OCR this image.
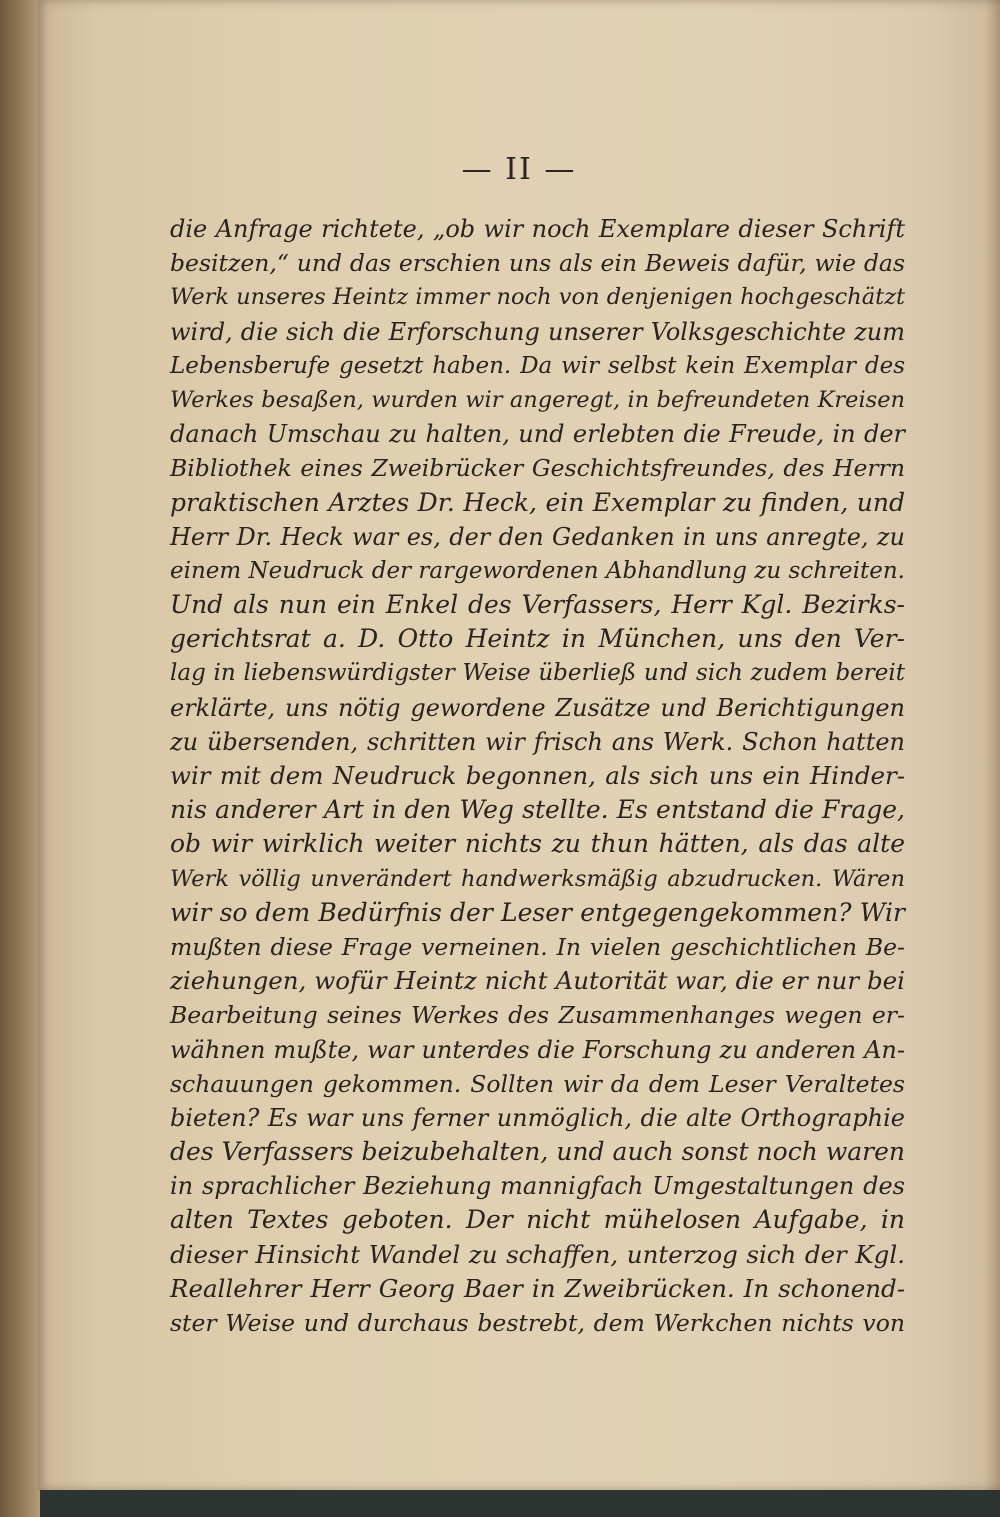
— II —
die Anfrage richtete, „ob wir noch Exemplare dieser Schrift
besitzen,“ und das erschien uns als ein Beweis dafür, wie das
Werk unseres Heintz immer noch von denjenigen hochgeschätzt
wird, die sich die Erforschung unserer Volksgeschichte zum
Lebensberufe gesetzt haben. Da wir selbst kein Exemplar des
Werkes besaßen, wurden wir angeregt, in befreundeten Kreisen
danach Umschau zu halten, und erlebten die Freude, in der
Bibliothek eines Zweibrücker Geschichtsfreundes, des Herrn
praktischen Arztes Dr. Heck, ein Exemplar zu finden, und
Herr Dr. Heck war es, der den Gedanken in uns anregte, zu
einem Neudruck der rargewordenen Abhandlung zu schreiten.
Und als nun ein Enkel des Verfassers, Herr Kgl. Bezirks-
gerichtsrat a. D. Otto Heintz in München, uns den Ver-
lag in liebenswürdigster Weise überließ und sich zudem bereit
erklärte, uns nötig gewordene Zusätze und Berichtigungen
zu übersenden, schritten wir frisch ans Werk. Schon hatten
wir mit dem Neudruck begonnen, als sich uns ein Hinder-
nis anderer Art in den Weg stellte. Es entstand die Frage,
ob wir wirklich weiter nichts zu thun hätten, als das alte
Werk völlig unverändert handwerksmäßig abzudrucken. Wären
wir so dem Bedürfnis der Leser entgegengekommen? Wir
mußten diese Frage verneinen. In vielen geschichtlichen Be-
ziehungen, wofür Heintz nicht Autorität war, die er nur bei
Bearbeitung seines Werkes des Zusammenhanges wegen er-
wähnen mußte, war unterdes die Forschung zu anderen An-
schauungen gekommen. Sollten wir da dem Leser Veraltetes
bieten? Es war uns ferner unmöglich, die alte Orthographie
des Verfassers beizubehalten, und auch sonst noch waren
in sprachlicher Beziehung mannigfach Umgestaltungen des
alten Textes geboten. Der nicht mühelosen Aufgabe, in
dieser Hinsicht Wandel zu schaffen, unterzog sich der Kgl.
Reallehrer Herr Georg Baer in Zweibrücken. In schonend-
ster Weise und durchaus bestrebt, dem Werkchen nichts von
